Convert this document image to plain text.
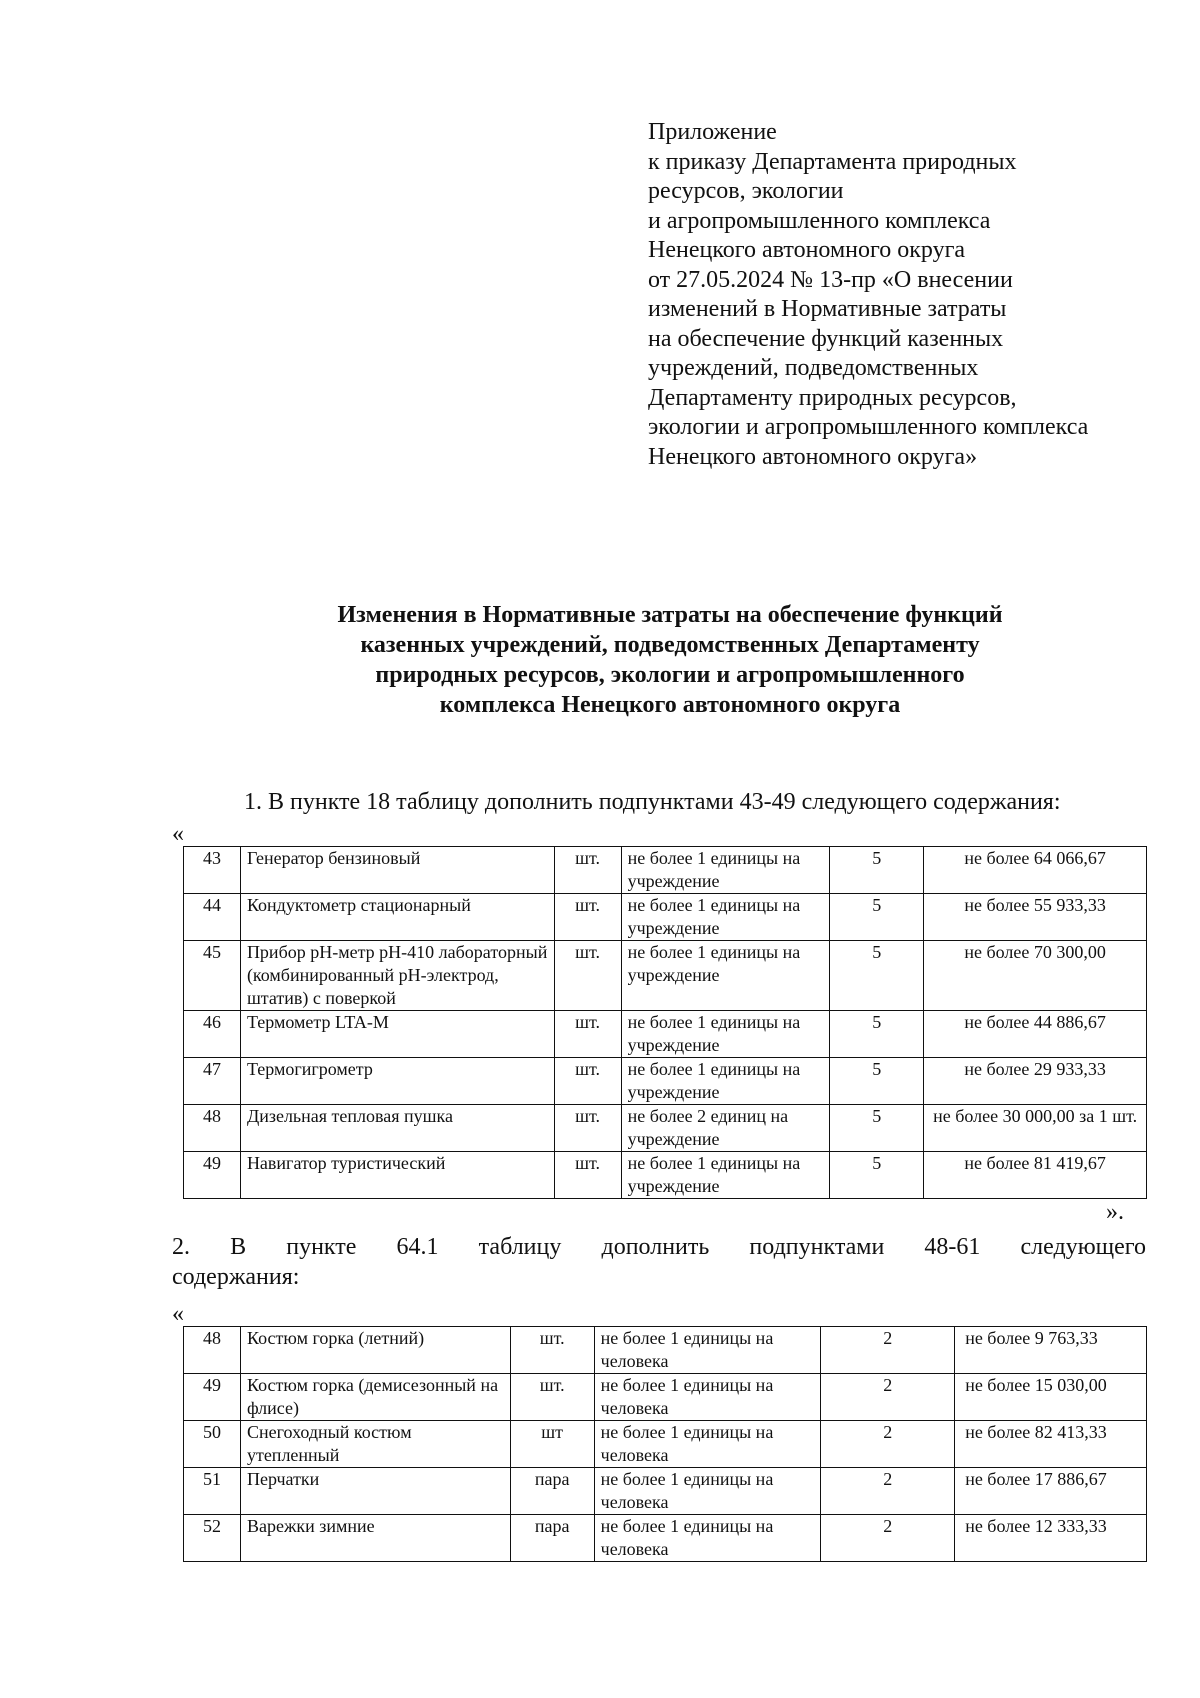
Приложение
к приказу Департамента природных
ресурсов, экологии
и агропромышленного комплекса
Ненецкого автономного округа
от 27.05.2024 № 13-пр «О внесении
изменений в Нормативные затраты
на обеспечение функций казенных
учреждений, подведомственных
Департаменту природных ресурсов,
экологии и агропромышленного комплекса
Ненецкого автономного округа»
Изменения в Нормативные затраты на обеспечение функций
казенных учреждений, подведомственных Департаменту
природных ресурсов, экологии и агропромышленного
комплекса Ненецкого автономного округа
1. В пункте 18 таблицу дополнить подпунктами 43-49 следующего содержания:
«
43	Генератор бензиновый	шт.	не более 1 единицы на учреждение	5	не более 64 066,67
44	Кондуктометр стационарный	шт.	не более 1 единицы на учреждение	5	не более 55 933,33
45	Прибор pH-метр pH-410 лабораторный (комбинированный pH-электрод, штатив) с поверкой	шт.	не более 1 единицы на учреждение	5	не более 70 300,00
46	Термометр LTA-M	шт.	не более 1 единицы на учреждение	5	не более 44 886,67
47	Термогигрометр	шт.	не более 1 единицы на учреждение	5	не более 29 933,33
48	Дизельная тепловая пушка	шт.	не более 2 единиц на учреждение	5	не более 30 000,00 за 1 шт.
49	Навигатор туристический	шт.	не более 1 единицы на учреждение	5	не более 81 419,67
».
2. В пункте 64.1 таблицу дополнить подпунктами 48-61 следующего
содержания:
«
48	Костюм горка (летний)	шт.	не более 1 единицы на человека	2	не более 9 763,33
49	Костюм горка (демисезонный на флисе)	шт.	не более 1 единицы на человека	2	не более 15 030,00
50	Снегоходный костюм утепленный	шт	не более 1 единицы на человека	2	не более 82 413,33
51	Перчатки	пара	не более 1 единицы на человека	2	не более 17 886,67
52	Варежки зимние	пара	не более 1 единицы на человека	2	не более 12 333,33
